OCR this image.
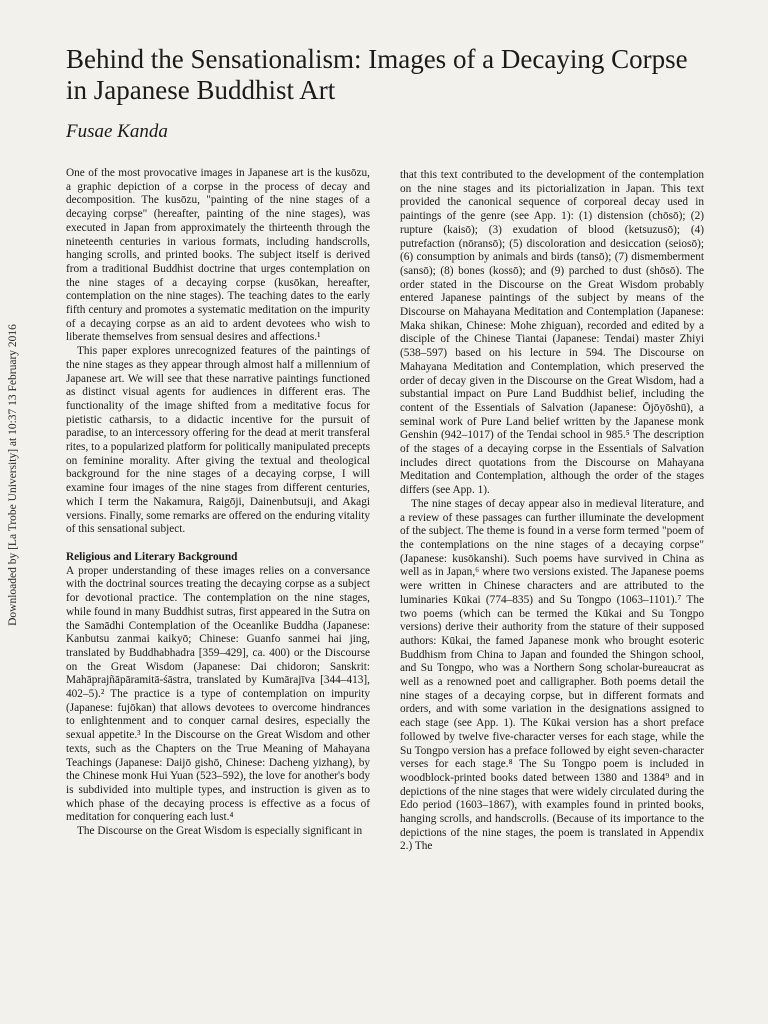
Downloaded by [La Trobe University] at 10:37 13 February 2016
Behind the Sensationalism: Images of a Decaying Corpse in Japanese Buddhist Art
Fusae Kanda

One of the most provocative images in Japanese art is the kusōzu, a graphic depiction of a corpse in the process of decay and decomposition. The kusōzu, "painting of the nine stages of a decaying corpse" (hereafter, painting of the nine stages), was executed in Japan from approximately the thirteenth through the nineteenth centuries in various formats, including handscrolls, hanging scrolls, and printed books. The subject itself is derived from a traditional Buddhist doctrine that urges contemplation on the nine stages of a decaying corpse (kusōkan, hereafter, contemplation on the nine stages). The teaching dates to the early fifth century and promotes a systematic meditation on the impurity of a decaying corpse as an aid to ardent devotees who wish to liberate themselves from sensual desires and affections.¹

This paper explores unrecognized features of the paintings of the nine stages as they appear through almost half a millennium of Japanese art. We will see that these narrative paintings functioned as distinct visual agents for audiences in different eras. The functionality of the image shifted from a meditative focus for pietistic catharsis, to a didactic incentive for the pursuit of paradise, to an intercessory offering for the dead at merit transferal rites, to a popularized platform for politically manipulated precepts on feminine morality. After giving the textual and theological background for the nine stages of a decaying corpse, I will examine four images of the nine stages from different centuries, which I term the Nakamura, Raigōji, Dainenbutsuji, and Akagi versions. Finally, some remarks are offered on the enduring vitality of this sensational subject.

Religious and Literary Background

A proper understanding of these images relies on a conversance with the doctrinal sources treating the decaying corpse as a subject for devotional practice. The contemplation on the nine stages, while found in many Buddhist sutras, first appeared in the Sutra on the Samādhi Contemplation of the Oceanlike Buddha (Japanese: Kanbutsu zanmai kaikyō; Chinese: Guanfo sanmei hai jing, translated by Buddhabhadra [359–429], ca. 400) or the Discourse on the Great Wisdom (Japanese: Dai chidoron; Sanskrit: Mahāprajñāpāramitā-śāstra, translated by Kumārajīva [344–413], 402–5).² The practice is a type of contemplation on impurity (Japanese: fujōkan) that allows devotees to overcome hindrances to enlightenment and to conquer carnal desires, especially the sexual appetite.³ In the Discourse on the Great Wisdom and other texts, such as the Chapters on the True Meaning of Mahayana Teachings (Japanese: Daijō gishō, Chinese: Dacheng yizhang), by the Chinese monk Hui Yuan (523–592), the love for another's body is subdivided into multiple types, and instruction is given as to which phase of the decaying process is effective as a focus of meditation for conquering each lust.⁴

The Discourse on the Great Wisdom is especially significant in

that this text contributed to the development of the contemplation on the nine stages and its pictorialization in Japan. This text provided the canonical sequence of corporeal decay used in paintings of the genre (see App. 1): (1) distension (chōsō); (2) rupture (kaisō); (3) exudation of blood (ketsuzusō); (4) putrefaction (nōransō); (5) discoloration and desiccation (seiosō); (6) consumption by animals and birds (tansō); (7) dismemberment (sansō); (8) bones (kossō); and (9) parched to dust (shōsō). The order stated in the Discourse on the Great Wisdom probably entered Japanese paintings of the subject by means of the Discourse on Mahayana Meditation and Contemplation (Japanese: Maka shikan, Chinese: Mohe zhiguan), recorded and edited by a disciple of the Chinese Tiantai (Japanese: Tendai) master Zhiyi (538–597) based on his lecture in 594. The Discourse on Mahayana Meditation and Contemplation, which preserved the order of decay given in the Discourse on the Great Wisdom, had a substantial impact on Pure Land Buddhist belief, including the content of the Essentials of Salvation (Japanese: Ōjōyōshū), a seminal work of Pure Land belief written by the Japanese monk Genshin (942–1017) of the Tendai school in 985.⁵ The description of the stages of a decaying corpse in the Essentials of Salvation includes direct quotations from the Discourse on Mahayana Meditation and Contemplation, although the order of the stages differs (see App. 1).

The nine stages of decay appear also in medieval literature, and a review of these passages can further illuminate the development of the subject. The theme is found in a verse form termed "poem of the contemplations on the nine stages of a decaying corpse" (Japanese: kusōkanshi). Such poems have survived in China as well as in Japan,⁶ where two versions existed. The Japanese poems were written in Chinese characters and are attributed to the luminaries Kūkai (774–835) and Su Tongpo (1063–1101).⁷ The two poems (which can be termed the Kūkai and Su Tongpo versions) derive their authority from the stature of their supposed authors: Kūkai, the famed Japanese monk who brought esoteric Buddhism from China to Japan and founded the Shingon school, and Su Tongpo, who was a Northern Song scholar-bureaucrat as well as a renowned poet and calligrapher. Both poems detail the nine stages of a decaying corpse, but in different formats and orders, and with some variation in the designations assigned to each stage (see App. 1). The Kūkai version has a short preface followed by twelve five-character verses for each stage, while the Su Tongpo version has a preface followed by eight seven-character verses for each stage.⁸ The Su Tongpo poem is included in woodblock-printed books dated between 1380 and 1384⁹ and in depictions of the nine stages that were widely circulated during the Edo period (1603–1867), with examples found in printed books, hanging scrolls, and handscrolls. (Because of its importance to the depictions of the nine stages, the poem is translated in Appendix 2.) The
